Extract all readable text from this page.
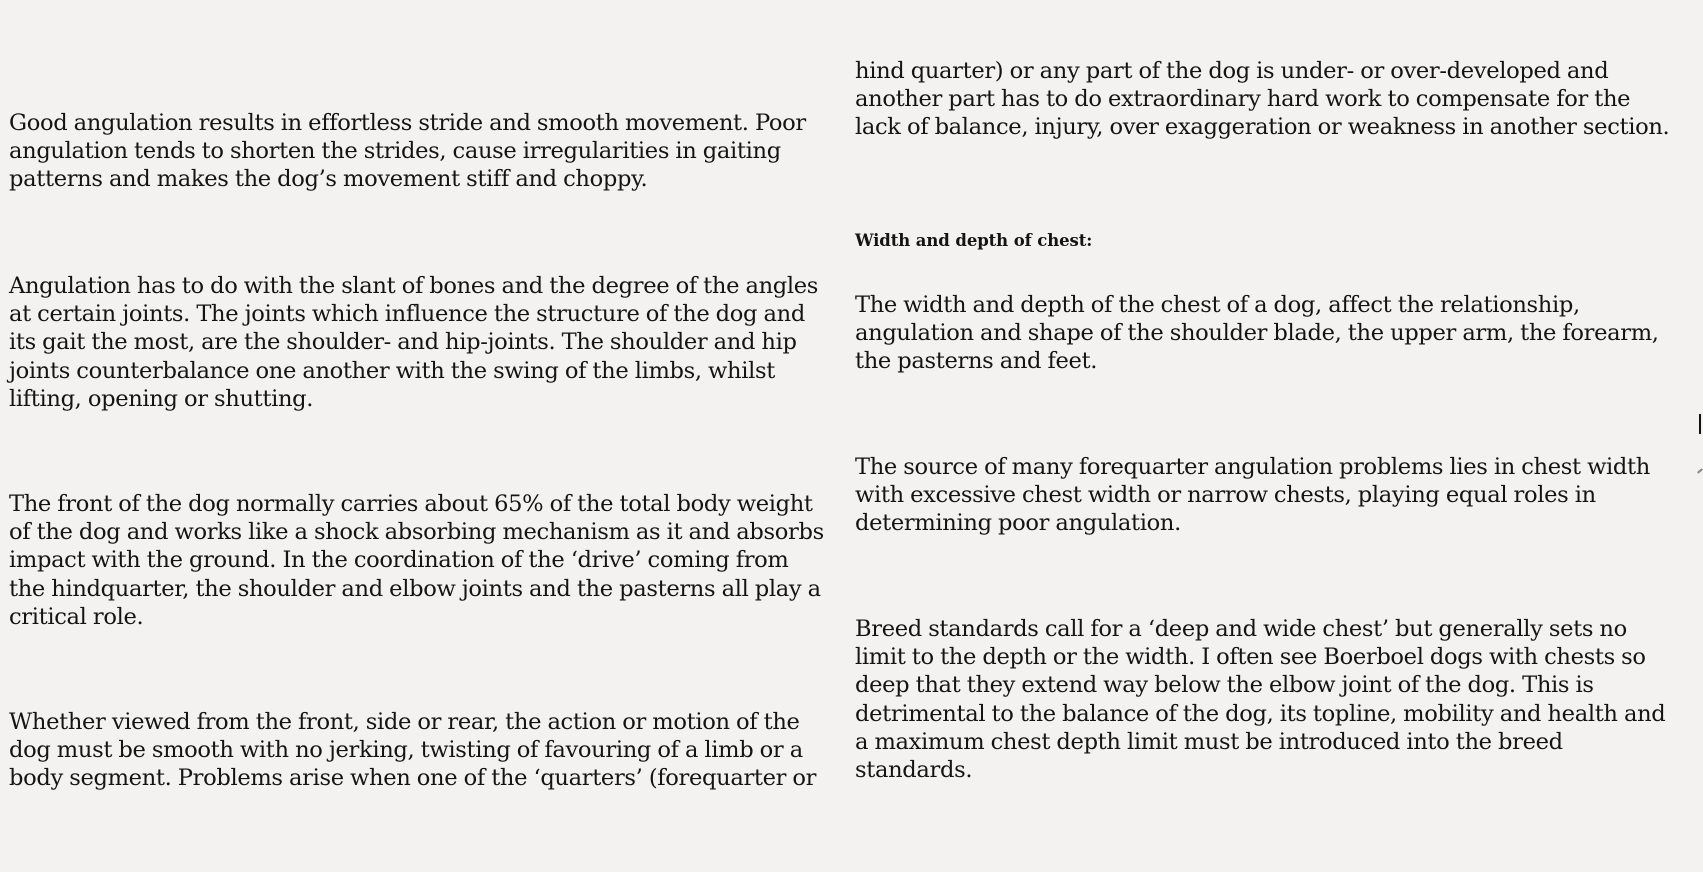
Good angulation results in effortless stride and smooth movement. Poor
angulation tends to shorten the strides, cause irregularities in gaiting
patterns and makes the dog’s movement stiff and choppy.

Angulation has to do with the slant of bones and the degree of the angles
at certain joints. The joints which influence the structure of the dog and
its gait the most, are the shoulder- and hip-joints. The shoulder and hip
joints counterbalance one another with the swing of the limbs, whilst
lifting, opening or shutting.

The front of the dog normally carries about 65% of the total body weight
of the dog and works like a shock absorbing mechanism as it and absorbs
impact with the ground. In the coordination of the ‘drive’ coming from
the hindquarter, the shoulder and elbow joints and the pasterns all play a
critical role.

Whether viewed from the front, side or rear, the action or motion of the
dog must be smooth with no jerking, twisting of favouring of a limb or a
body segment. Problems arise when one of the ‘quarters’ (forequarter or

hind quarter) or any part of the dog is under- or over-developed and
another part has to do extraordinary hard work to compensate for the
lack of balance, injury, over exaggeration or weakness in another section.

Width and depth of chest:

The width and depth of the chest of a dog, affect the relationship,
angulation and shape of the shoulder blade, the upper arm, the forearm,
the pasterns and feet.

The source of many forequarter angulation problems lies in chest width
with excessive chest width or narrow chests, playing equal roles in
determining poor angulation.

Breed standards call for a ‘deep and wide chest’ but generally sets no
limit to the depth or the width. I often see Boerboel dogs with chests so
deep that they extend way below the elbow joint of the dog. This is
detrimental to the balance of the dog, its topline, mobility and health and
a maximum chest depth limit must be introduced into the breed
standards.
